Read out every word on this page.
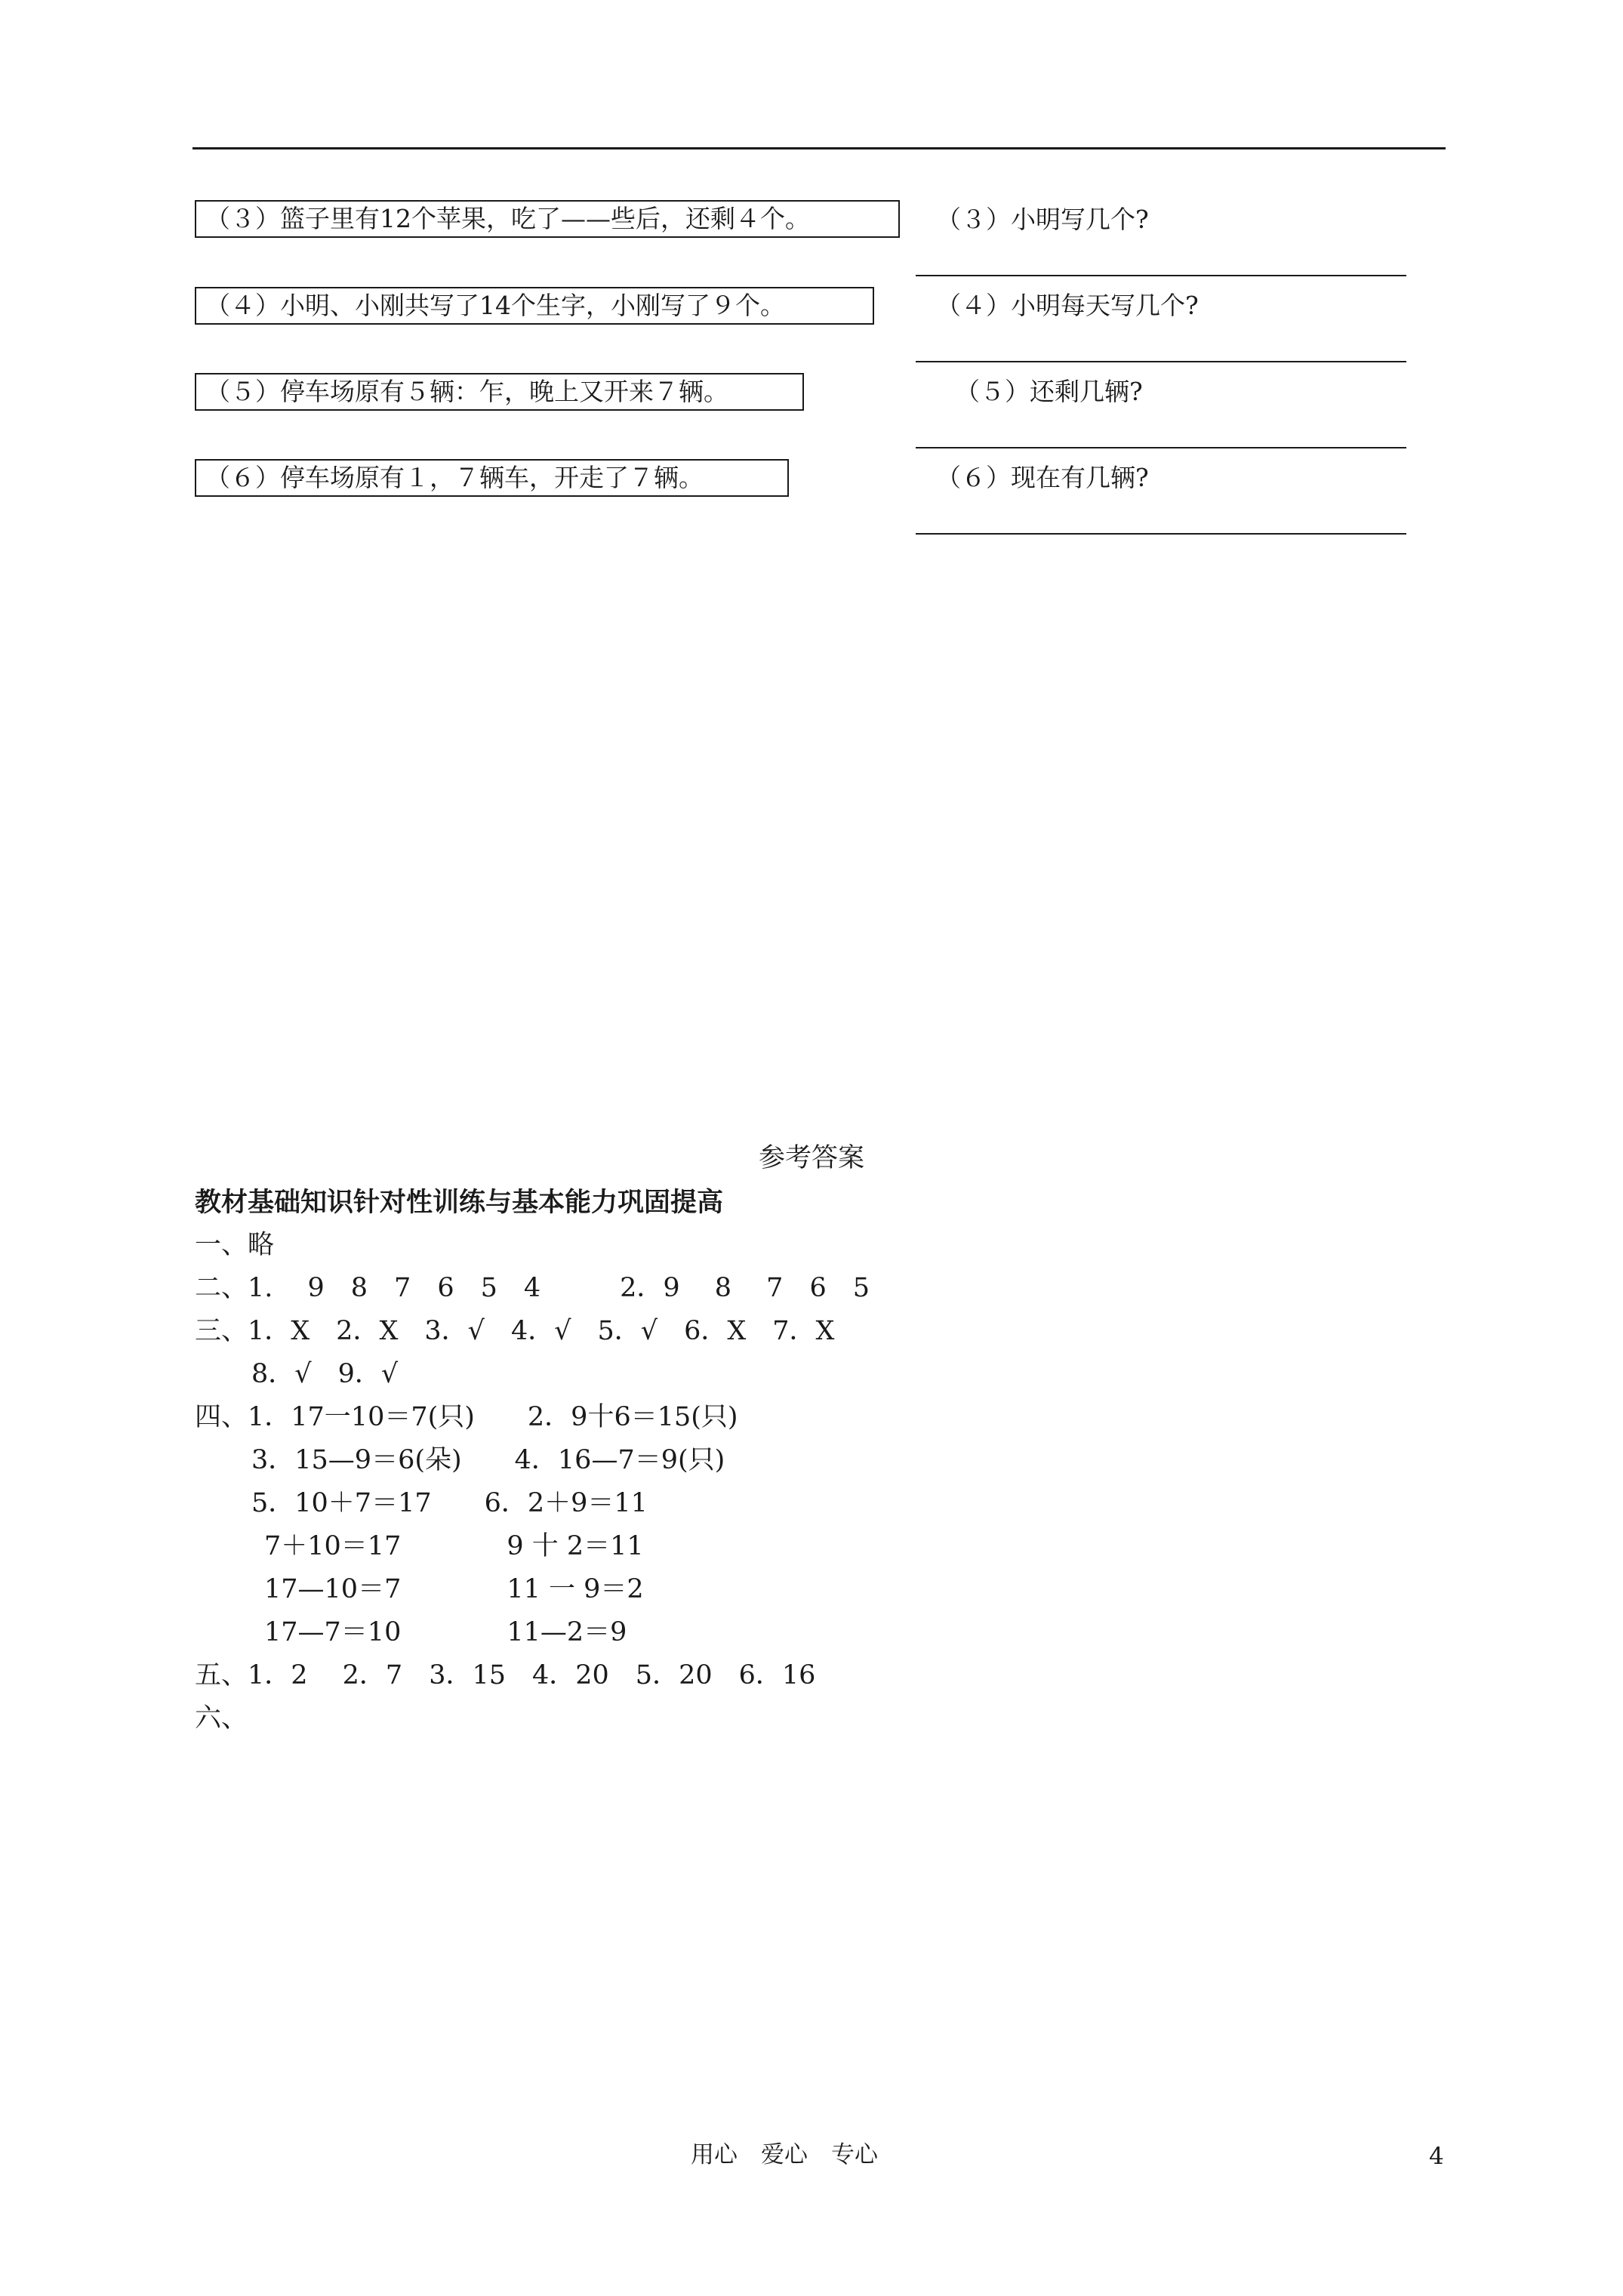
（３）篮子里有12个苹果，吃了——些后，还剩４个。	（３）小明写几个?
（４）小明、小刚共写了14个生字，小刚写了９个。	（４）小明每天写几个?
（５）停车场原有５辆：乍，晚上又开来７辆。	（５）还剩几辆?
（６）停车场原有１，７辆车，开走了７辆。	（６）现在有几辆?
参考答案
教材基础知识针对性训练与基本能力巩固提高
一、略
二、1.　 9　8　7　6　5　4　　　2．9　 8　 7　6　5
三、1．X　2．X　3．√　4．√　5．√　6．X　7．X
8．√　9．√
四、1．17一10＝7(只)　　2．9十6＝15(只)
3．15—9＝6(朵)　　4．16—7＝9(只)
5．10＋7＝17　　6．2＋9＝11
7＋10＝17　　　　9 十 2＝11
17—10＝7　　　　11 一 9＝2
17—7＝10　　　　11—2＝9
五、1．2　 2．7　3．15　4．20　5．20　6．16
六、
用心　爱心　专心	4
